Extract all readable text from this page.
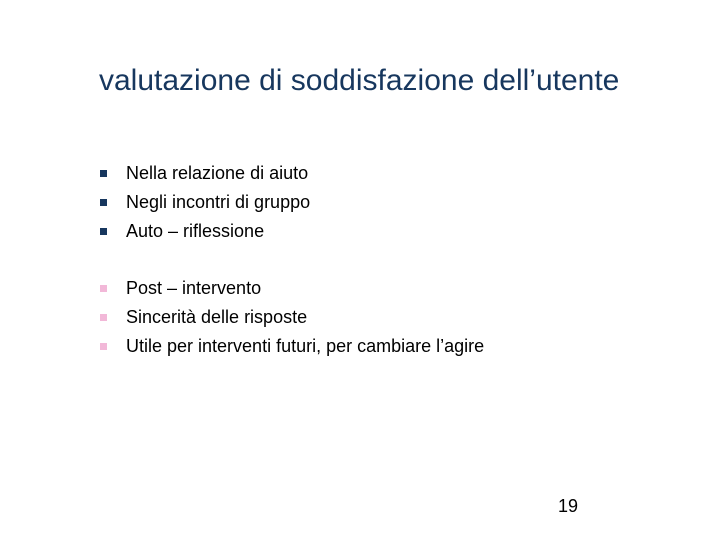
valutazione di soddisfazione dell’utente
Nella relazione di aiuto
Negli incontri di gruppo
Auto – riflessione
Post – intervento
Sincerità delle risposte
Utile per interventi futuri, per cambiare l’agire
19
